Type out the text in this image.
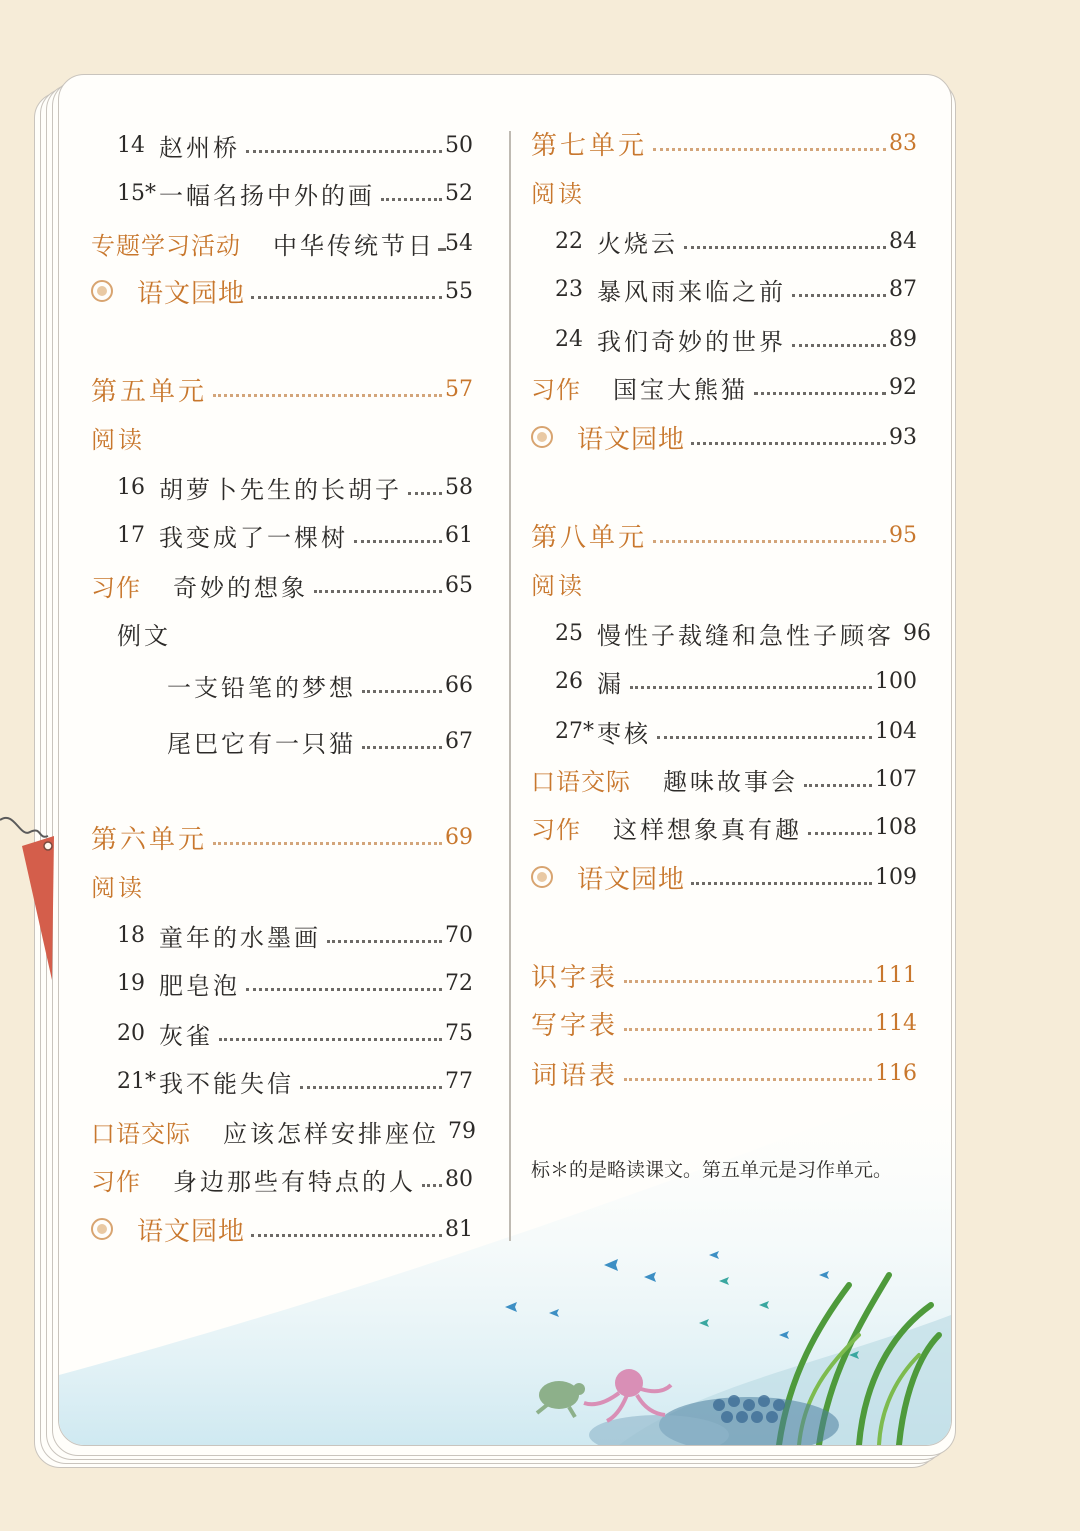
14 赵州桥	50
15* 一幅名扬中外的画	52
专题学习活动 中华传统节日 54
语文园地	55
第五单元	57
阅读
16 胡萝卜先生的长胡子 58
17 我变成了一棵树	61
习作 奇妙的想象	65
例文
一支铅笔的梦想	66
尾巴它有一只猫	67
第六单元	69
阅读
18 童年的水墨画	70
19 肥皂泡	72
20 灰雀	75
21* 我不能失信	77
口语交际 应该怎样安排座位 79
习作 身边那些有特点的人 80
语文园地	81
第七单元	83
阅读
22 火烧云	84
23 暴风雨来临之前	87
24 我们奇妙的世界	89
习作 国宝大熊猫	92
语文园地	93
第八单元	95
阅读
25 慢性子裁缝和急性子顾客 96
26 漏	100
27* 枣核	104
口语交际 趣味故事会	107
习作 这样想象真有趣	108
语文园地	109
识字表	111
写字表	114
词语表	116
标＊的是略读课文。第五单元是习作单元。
